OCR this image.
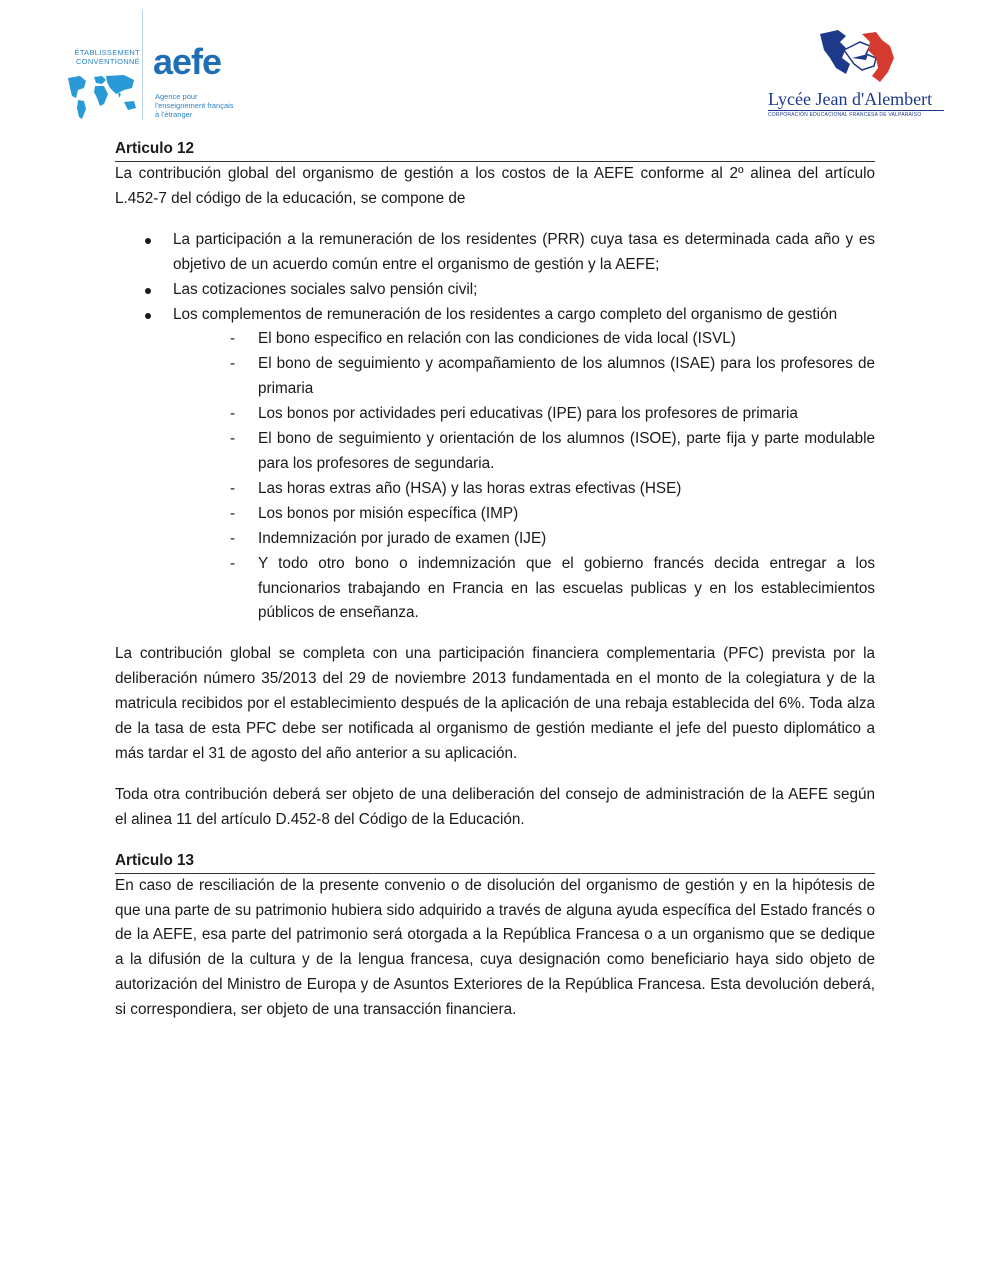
ÉTABLISSEMENT
CONVENTIONNÉ aefe
Agence pour
l'enseignement français
à l'étranger
Lycée Jean d'Alembert
CORPORACIÓN EDUCACIONAL FRANCESA DE VALPARAÍSO
Articulo 12

La contribución global del organismo de gestión a los costos de la AEFE conforme al 2º alinea del artículo L.452-7 del código de la educación, se compone de

La participación a la remuneración de los residentes (PRR) cuya tasa es determinada cada año y es objetivo de un acuerdo común entre el organismo de gestión y la AEFE;
Las cotizaciones sociales salvo pensión civil;
Los complementos de remuneración de los residentes a cargo completo del organismo de gestión
- El bono especifico en relación con las condiciones de vida local (ISVL)
- El bono de seguimiento y acompañamiento de los alumnos (ISAE) para los profesores de primaria
- Los bonos por actividades peri educativas (IPE) para los profesores de primaria
- El bono de seguimiento y orientación de los alumnos (ISOE), parte fija y parte modulable para los profesores de segundaria.
- Las horas extras año (HSA) y las horas extras efectivas (HSE)
- Los bonos por misión específica (IMP)
- Indemnización por jurado de examen (IJE)
- Y todo otro bono o indemnización que el gobierno francés decida entregar a los funcionarios trabajando en Francia en las escuelas publicas y en los establecimientos públicos de enseñanza.

La contribución global se completa con una participación financiera complementaria (PFC) prevista por la deliberación número 35/2013 del 29 de noviembre 2013 fundamentada en el monto de la colegiatura y de la matricula recibidos por el establecimiento después de la aplicación de una rebaja establecida del 6%. Toda alza de la tasa de esta PFC debe ser notificada al organismo de gestión mediante el jefe del puesto diplomático a más tardar el 31 de agosto del año anterior a su aplicación.

Toda otra contribución deberá ser objeto de una deliberación del consejo de administración de la AEFE según el alinea 11 del artículo D.452-8 del Código de la Educación.

Articulo 13

En caso de resciliación de la presente convenio o de disolución del organismo de gestión y en la hipótesis de que una parte de su patrimonio hubiera sido adquirido a través de alguna ayuda específica del Estado francés o de la AEFE, esa parte del patrimonio será otorgada a la República Francesa o a un organismo que se dedique a la difusión de la cultura y de la lengua francesa, cuya designación como beneficiario haya sido objeto de autorización del Ministro de Europa y de Asuntos Exteriores de la República Francesa. Esta devolución deberá, si correspondiera, ser objeto de una transacción financiera.
